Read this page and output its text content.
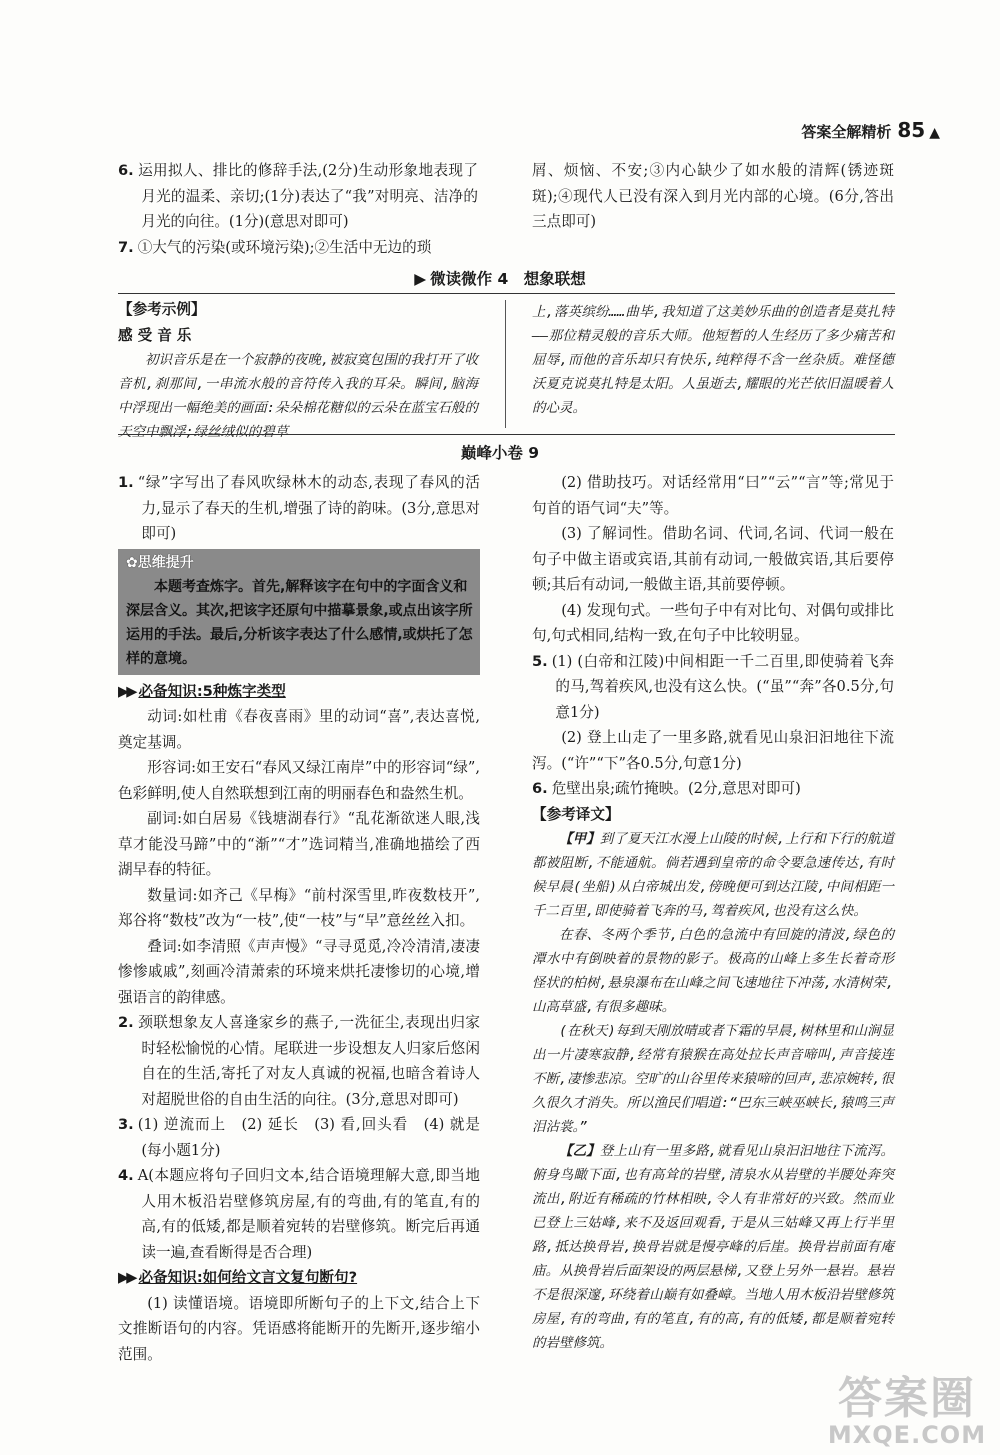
答案全解精析 85 ▲

6. 运用拟人、排比的修辞手法,(2分)生动形象地表现了月光的温柔、亲切;(1分)表达了“我”对明亮、洁净的月光的向往。(1分)(意思对即可)

7. ①大气的污染(或环境污染);②生活中无边的琐

屑、烦恼、不安;③内心缺少了如水般的清辉(锈迹斑斑);④现代人已没有深入到月光内部的心境。(6分,答出三点即可)

▶ 微读微作 4　想象联想

【参考示例】

感受音乐

初识音乐是在一个寂静的夜晚,被寂寞包围的我打开了收音机,刹那间,一串流水般的音符传入我的耳朵。瞬间,脑海中浮现出一幅绝美的画面:朵朵棉花糖似的云朵在蓝宝石般的天空中飘浮;绿丝绒似的碧草

上,落英缤纷……曲毕,我知道了这美妙乐曲的创造者是莫扎特——那位精灵般的音乐大师。他短暂的人生经历了多少痛苦和屈辱,而他的音乐却只有快乐,纯粹得不含一丝杂质。难怪德沃夏克说莫扎特是太阳。人虽逝去,耀眼的光芒依旧温暖着人的心灵。

巅峰小卷 9

1. “绿”字写出了春风吹绿林木的动态,表现了春风的活力,显示了春天的生机,增强了诗的韵味。(3分,意思对即可)

✿思维提升
本题考查炼字。首先,解释该字在句中的字面含义和深层含义。其次,把该字还原句中描摹景象,或点出该字所运用的手法。最后,分析该字表达了什么感情,或烘托了怎样的意境。

▶▶ 必备知识:5种炼字类型

动词:如杜甫《春夜喜雨》里的动词“喜”,表达喜悦,奠定基调。

形容词:如王安石“春风又绿江南岸”中的形容词“绿”,色彩鲜明,使人自然联想到江南的明丽春色和盎然生机。

副词:如白居易《钱塘湖春行》“乱花渐欲迷人眼,浅草才能没马蹄”中的“渐”“才”选词精当,准确地描绘了西湖早春的特征。

数量词:如齐己《早梅》“前村深雪里,昨夜数枝开”,郑谷将“数枝”改为“一枝”,使“一枝”与“早”意丝丝入扣。

叠词:如李清照《声声慢》“寻寻觅觅,冷冷清清,凄凄惨惨戚戚”,刻画冷清萧索的环境来烘托凄惨切的心境,增强语言的韵律感。

2. 颈联想象友人喜逢家乡的燕子,一洗征尘,表现出归家时轻松愉悦的心情。尾联进一步设想友人归家后悠闲自在的生活,寄托了对友人真诚的祝福,也暗含着诗人对超脱世俗的自由生活的向往。(3分,意思对即可)

3. (1) 逆流而上　(2) 延长　(3) 看,回头看　(4) 就是(每小题1分)

4. A(本题应将句子回归文本,结合语境理解大意,即当地人用木板沿岩壁修筑房屋,有的弯曲,有的笔直,有的高,有的低矮,都是顺着宛转的岩壁修筑。断完后再通读一遍,查看断得是否合理)

▶▶ 必备知识:如何给文言文复句断句?

(1) 读懂语境。语境即所断句子的上下文,结合上下文推断语句的内容。凭语感将能断开的先断开,逐步缩小范围。

(2) 借助技巧。对话经常用“曰”“云”“言”等;常见于句首的语气词“夫”等。

(3) 了解词性。借助名词、代词,名词、代词一般在句子中做主语或宾语,其前有动词,一般做宾语,其后要停顿;其后有动词,一般做主语,其前要停顿。

(4) 发现句式。一些句子中有对比句、对偶句或排比句,句式相同,结构一致,在句子中比较明显。

5. (1) (白帝和江陵)中间相距一千二百里,即使骑着飞奔的马,驾着疾风,也没有这么快。(“虽”“奔”各0.5分,句意1分)

(2) 登上山走了一里多路,就看见山泉汩汩地往下流泻。(“许”“下”各0.5分,句意1分)

6. 危壁出泉;疏竹掩映。(2分,意思对即可)

【参考译文】

【甲】到了夏天江水漫上山陵的时候,上行和下行的航道都被阻断,不能通航。倘若遇到皇帝的命令要急速传达,有时候早晨(坐船)从白帝城出发,傍晚便可到达江陵,中间相距一千二百里,即使骑着飞奔的马,驾着疾风,也没有这么快。

在春、冬两个季节,白色的急流中有回旋的清波,绿色的潭水中有倒映着的景物的影子。极高的山峰上多生长着奇形怪状的柏树,悬泉瀑布在山峰之间飞速地往下冲荡,水清树荣,山高草盛,有很多趣味。

(在秋天)每到天刚放晴或者下霜的早晨,树林里和山涧显出一片凄寒寂静,经常有猿猴在高处拉长声音啼叫,声音接连不断,凄惨悲凉。空旷的山谷里传来猿啼的回声,悲凉婉转,很久很久才消失。所以渔民们唱道:“巴东三峡巫峡长,猿鸣三声泪沾裳。”

【乙】登上山有一里多路,就看见山泉汩汩地往下流泻。俯身鸟瞰下面,也有高耸的岩壁,清泉水从岩壁的半腰处奔突流出,附近有稀疏的竹林相映,令人有非常好的兴致。然而业已登上三姑峰,来不及返回观看,于是从三姑峰又再上行半里路,抵达换骨岩,换骨岩就是慢亭峰的后崖。换骨岩前面有庵庙。从换骨岩后面架设的两层悬梯,又登上另外一悬岩。悬岩不是很深邃,环绕着山巅有如叠嶂。当地人用木板沿岩壁修筑房屋,有的弯曲,有的笔直,有的高,有的低矮,都是顺着宛转的岩壁修筑。

答案圈
MXQE.COM
